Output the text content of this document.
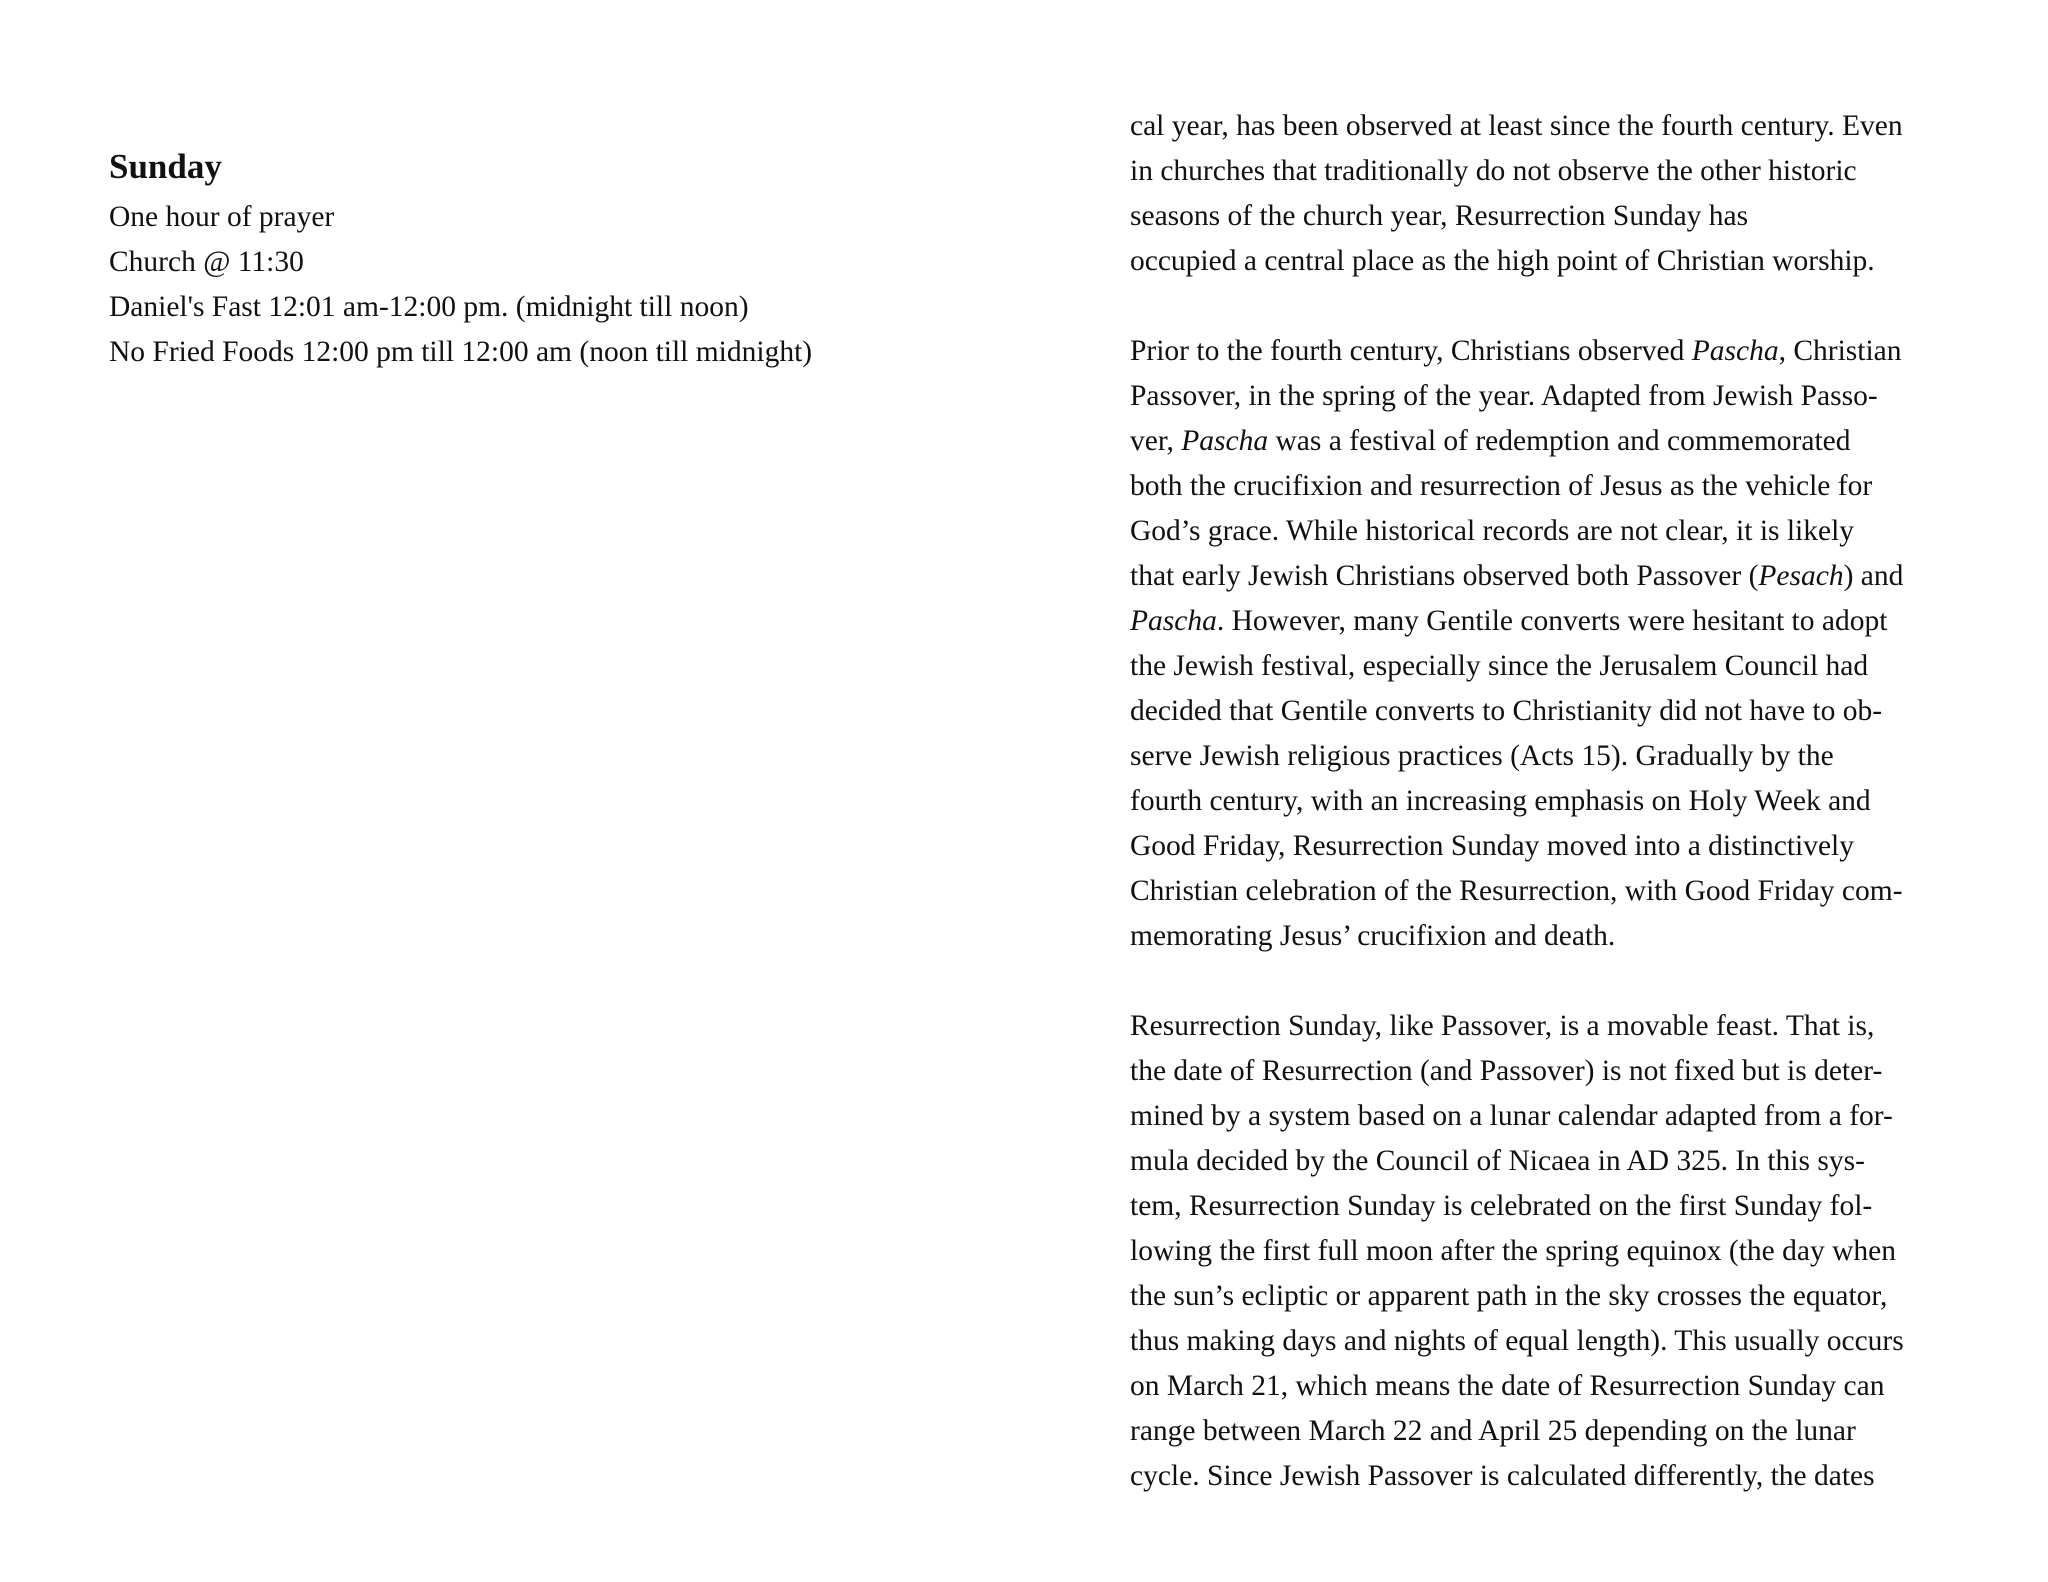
Sunday

One hour of prayer

Church @ 11:30

Daniel's Fast 12:01 am-12:00 pm. (midnight till noon)

No Fried Foods 12:00 pm till 12:00 am (noon till midnight)

cal year, has been observed at least since the fourth century. Even
in churches that traditionally do not observe the other historic
seasons of the church year, Resurrection Sunday has
occupied a central place as the high point of Christian worship.

Prior to the fourth century, Christians observed Pascha, Christian
Passover, in the spring of the year. Adapted from Jewish Passo-
ver, Pascha was a festival of redemption and commemorated
both the crucifixion and resurrection of Jesus as the vehicle for
God’s grace. While historical records are not clear, it is likely
that early Jewish Christians observed both Passover (Pesach) and
Pascha. However, many Gentile converts were hesitant to adopt
the Jewish festival, especially since the Jerusalem Council had
decided that Gentile converts to Christianity did not have to ob-
serve Jewish religious practices (Acts 15). Gradually by the
fourth century, with an increasing emphasis on Holy Week and
Good Friday, Resurrection Sunday moved into a distinctively
Christian celebration of the Resurrection, with Good Friday com-
memorating Jesus’ crucifixion and death.

Resurrection Sunday, like Passover, is a movable feast. That is,
the date of Resurrection (and Passover) is not fixed but is deter-
mined by a system based on a lunar calendar adapted from a for-
mula decided by the Council of Nicaea in AD 325. In this sys-
tem, Resurrection Sunday is celebrated on the first Sunday fol-
lowing the first full moon after the spring equinox (the day when
the sun’s ecliptic or apparent path in the sky crosses the equator,
thus making days and nights of equal length). This usually occurs
on March 21, which means the date of Resurrection Sunday can
range between March 22 and April 25 depending on the lunar
cycle. Since Jewish Passover is calculated differently, the dates
